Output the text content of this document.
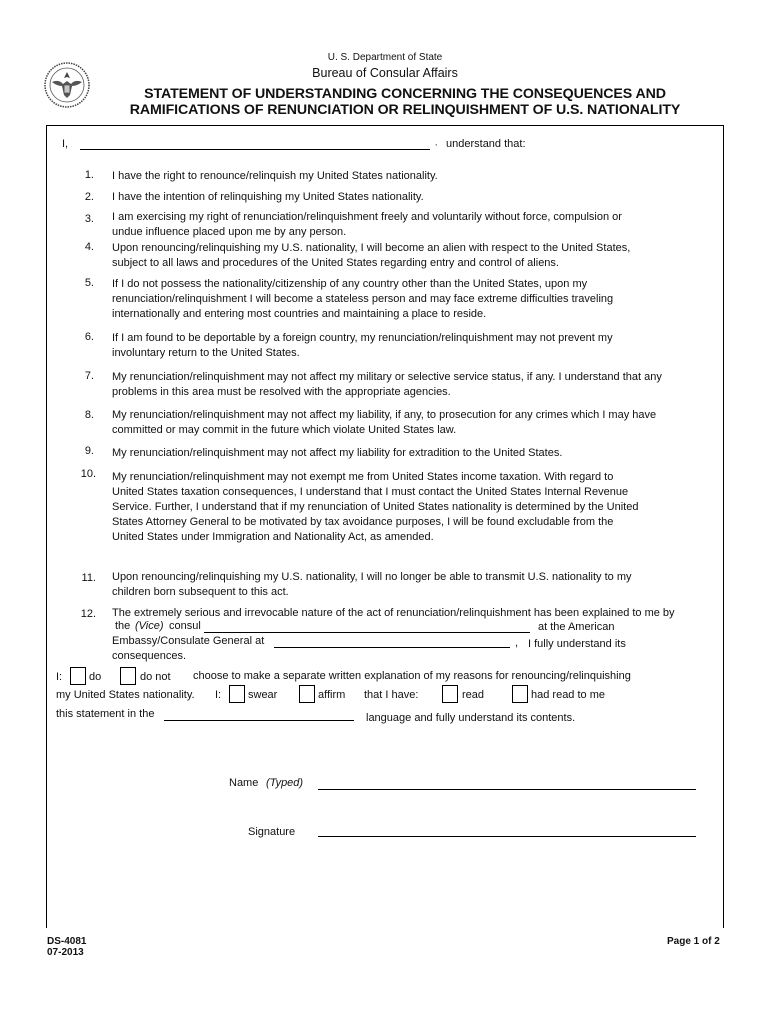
U. S. Department of State
Bureau of Consular Affairs
STATEMENT OF UNDERSTANDING CONCERNING THE CONSEQUENCES AND
RAMIFICATIONS OF RENUNCIATION OR RELINQUISHMENT OF U.S. NATIONALITY
I,	, understand that:
1. I have the right to renounce/relinquish my United States nationality.
2. I have the intention of relinquishing my United States nationality.
3. I am exercising my right of renunciation/relinquishment freely and voluntarily without force, compulsion or undue influence placed upon me by any person.
4. Upon renouncing/relinquishing my U.S. nationality, I will become an alien with respect to the United States, subject to all laws and procedures of the United States regarding entry and control of aliens.
5. If I do not possess the nationality/citizenship of any country other than the United States, upon my renunciation/relinquishment I will become a stateless person and may face extreme difficulties traveling internationally and entering most countries and maintaining a place to reside.
6. If I am found to be deportable by a foreign country, my renunciation/relinquishment may not prevent my involuntary return to the United States.
7. My renunciation/relinquishment may not affect my military or selective service status, if any. I understand that any problems in this area must be resolved with the appropriate agencies.
8. My renunciation/relinquishment may not affect my liability, if any, to prosecution for any crimes which I may have committed or may commit in the future which violate United States law.
9. My renunciation/relinquishment may not affect my liability for extradition to the United States.
10. My renunciation/relinquishment may not exempt me from United States income taxation. With regard to United States taxation consequences, I understand that I must contact the United States Internal Revenue Service. Further, I understand that if my renunciation of United States nationality is determined by the United States Attorney General to be motivated by tax avoidance purposes, I will be found excludable from the United States under Immigration and Nationality Act, as amended.
11. Upon renouncing/relinquishing my U.S. nationality, I will no longer be able to transmit U.S. nationality to my children born subsequent to this act.
12. The extremely serious and irrevocable nature of the act of renunciation/relinquishment has been explained to me by
the (Vice) consul	at the American
Embassy/Consulate General at	, I fully understand its
consequences.
I: do	do not choose to make a separate written explanation of my reasons for renouncing/relinquishing
my United States nationality. I: swear	affirm that I have:	read	had read to me
this statement in the	language and fully understand its contents.
Name (Typed)
Signature
DS-4081
07-2013
Page 1 of 2
